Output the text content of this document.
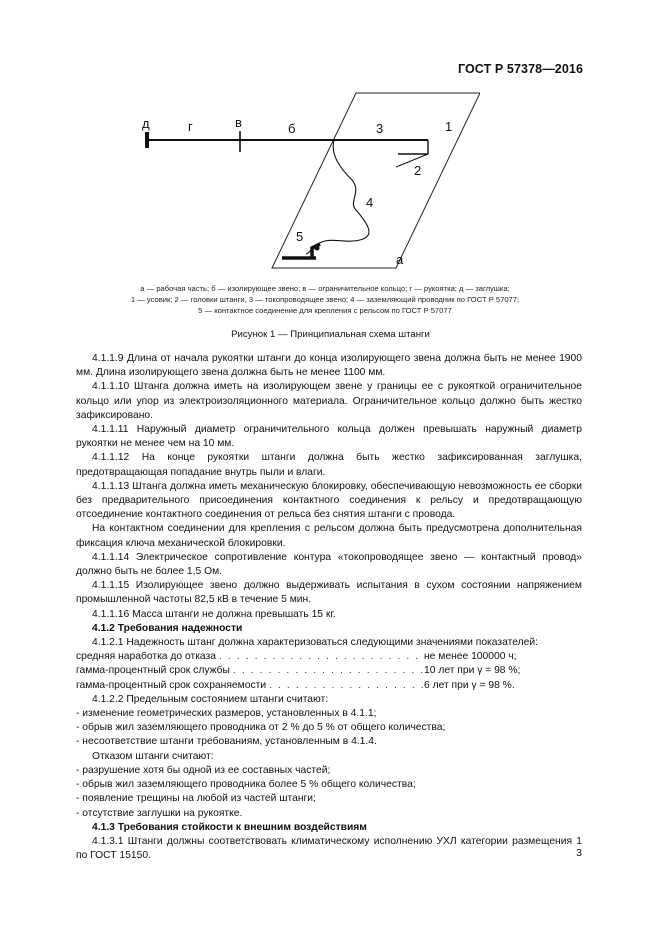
ГОСТ Р 57378—2016
д	г	в	б	3	1
2
4
5
а
а — рабочая часть; б — изолирующее звено; в — ограничительное кольцо; г — рукоятка; д — заглушка;
1 — усовик; 2 — головки штанги, 3 — токопроводящее звено; 4 — заземляющий проводник по ГОСТ Р 57077;
5 — контактное соединение для крепления с рельсом по ГОСТ Р 57077
Рисунок 1 — Принципиальная схема штанги

4.1.1.9 Длина от начала рукоятки штанги до конца изолирующего звена должна быть не менее 1900 мм. Длина изолирующего звена должна быть не менее 1100 мм.

4.1.1.10 Штанга должна иметь на изолирующем звене у границы ее с рукояткой ограничительное кольцо или упор из электроизоляционного материала. Ограничительное кольцо должно быть жестко зафиксировано.

4.1.1.11 Наружный диаметр ограничительного кольца должен превышать наружный диаметр рукоятки не менее чем на 10 мм.

4.1.1.12 На конце рукоятки штанги должна быть жестко зафиксированная заглушка, предотвращающая попадание внутрь пыли и влаги.

4.1.1.13 Штанга должна иметь механическую блокировку, обеспечивающую невозможность ее сборки без предварительного присоединения контактного соединения к рельсу и предотвращающую отсоединение контактного соединения от рельса без снятия штанги с провода.

На контактном соединении для крепления с рельсом должна быть предусмотрена дополнительная фиксация ключа механической блокировки.

4.1.1.14 Электрическое сопротивление контура «токопроводящее звено — контактный провод» должно быть не более 1,5 Ом.

4.1.1.15 Изолирующее звено должно выдерживать испытания в сухом состоянии напряжением промышленной частоты 82,5 кВ в течение 5 мин.

4.1.1.16 Масса штанги не должна превышать 15 кг.

4.1.2 Требования надежности

4.1.2.1 Надежность штанг должна характеризоваться следующими значениями показателей:

средняя наработка до отказа . . .	не менее 100000 ч;
гамма-процентный срок службы . . .	10 лет при γ = 98 %;
гамма-процентный срок сохраняемости . . .	6 лет при γ = 98 %.

4.1.2.2 Предельным состоянием штанги считают:

- изменение геометрических размеров, установленных в 4.1.1;

- обрыв жил заземляющего проводника от 2 % до 5 % от общего количества;

- несоответствие штанги требованиям, установленным в 4.1.4.

Отказом штанги считают:

- разрушение хотя бы одной из ее составных частей;

- обрыв жил заземляющего проводника более 5 % общего количества;

- появление трещины на любой из частей штанги;

- отсутствие заглушки на рукоятке.

4.1.3 Требования стойкости к внешним воздействиям

4.1.3.1 Штанги должны соответствовать климатическому исполнению УХЛ категории размещения 1 по ГОСТ 15150.	3
